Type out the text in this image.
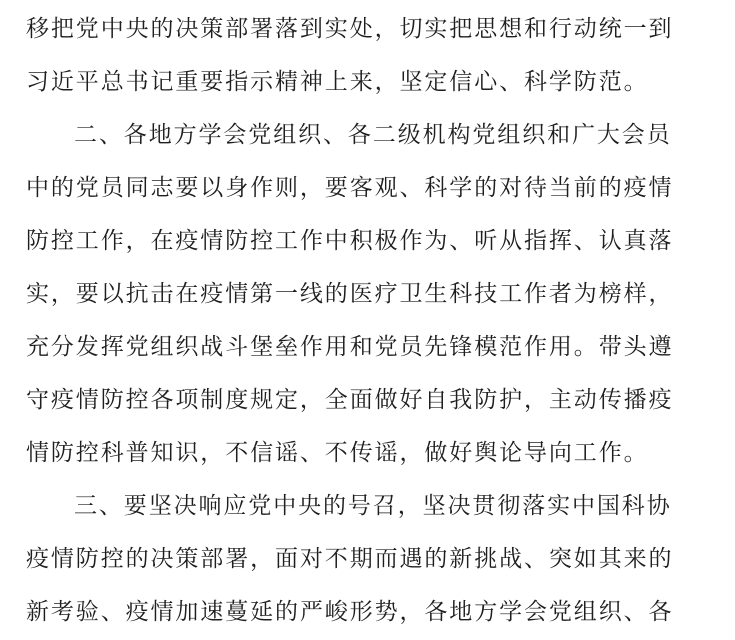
移把党中央的决策部署落到实处，切实把思想和行动统一到
习近平总书记重要指示精神上来，坚定信心、科学防范。
二、各地方学会党组织、各二级机构党组织和广大会员
中的党员同志要以身作则，要客观、科学的对待当前的疫情
防控工作，在疫情防控工作中积极作为、听从指挥、认真落
实，要以抗击在疫情第一线的医疗卫生科技工作者为榜样，
充分发挥党组织战斗堡垒作用和党员先锋模范作用。带头遵
守疫情防控各项制度规定，全面做好自我防护，主动传播疫
情防控科普知识，不信谣、不传谣，做好舆论导向工作。
三、要坚决响应党中央的号召，坚决贯彻落实中国科协
疫情防控的决策部署，面对不期而遇的新挑战、突如其来的
新考验、疫情加速蔓延的严峻形势，各地方学会党组织、各
